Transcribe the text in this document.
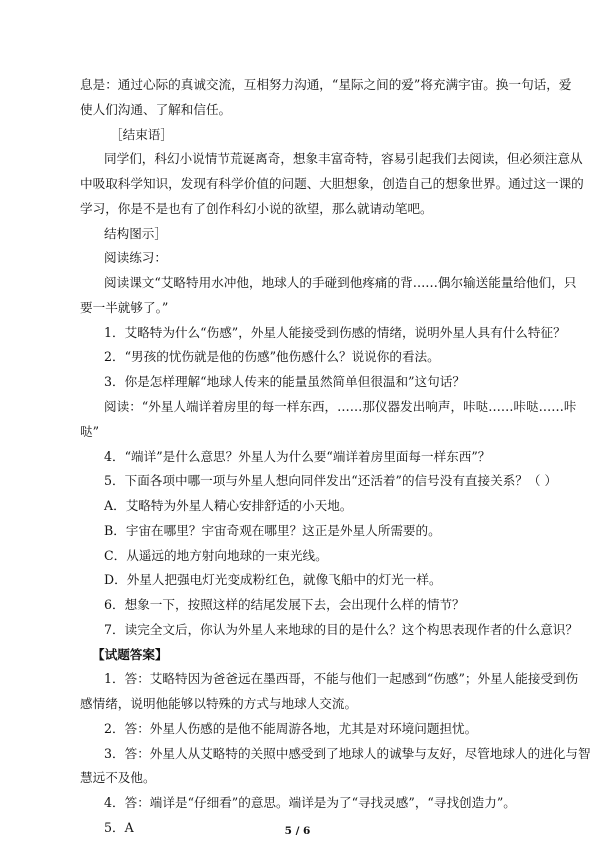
息是：通过心际的真诚交流，互相努力沟通，“星际之间的爱”将充满宇宙。换一句话，爱

使人们沟通、了解和信任。

［结束语］

同学们，科幻小说情节荒诞离奇，想象丰富奇特，容易引起我们去阅读，但必须注意从

中吸取科学知识，发现有科学价值的问题、大胆想象，创造自己的想象世界。通过这一课的

学习，你是不是也有了创作科幻小说的欲望，那么就请动笔吧。

结构图示］

阅读练习：

阅读课文“艾略特用水冲他，地球人的手碰到他疼痛的背……偶尔输送能量给他们，只

要一半就够了。”

1．艾略特为什么“伤感”，外星人能接受到伤感的情绪，说明外星人具有什么特征？

2．“男孩的忧伤就是他的伤感”他伤感什么？说说你的看法。

3．你是怎样理解“地球人传来的能量虽然简单但很温和”这句话？

阅读：“外星人端详着房里的每一样东西，……那仪器发出响声，咔哒……咔哒……咔

哒”

4．“端详”是什么意思？外星人为什么要“端详着房里面每一样东西”？

5．下面各项中哪一项与外星人想向同伴发出“还活着”的信号没有直接关系？（ ）

A．艾略特为外星人精心安排舒适的小天地。

B．宇宙在哪里？宇宙奇观在哪里？这正是外星人所需要的。

C．从遥远的地方射向地球的一束光线。

D．外星人把强电灯光变成粉红色，就像飞船中的灯光一样。

6．想象一下，按照这样的结尾发展下去，会出现什么样的情节？

7．读完全文后，你认为外星人来地球的目的是什么？这个构思表现作者的什么意识？

【试题答案】

1．答：艾略特因为爸爸远在墨西哥，不能与他们一起感到“伤感”；外星人能接受到伤

感情绪，说明他能够以特殊的方式与地球人交流。

2．答：外星人伤感的是他不能周游各地，尤其是对环境问题担忧。

3．答：外星人从艾略特的关照中感受到了地球人的诚挚与友好，尽管地球人的进化与智

慧远不及他。

4．答：端详是“仔细看”的意思。端详是为了“寻找灵感”，“寻找创造力”。

5．A	5 / 6
